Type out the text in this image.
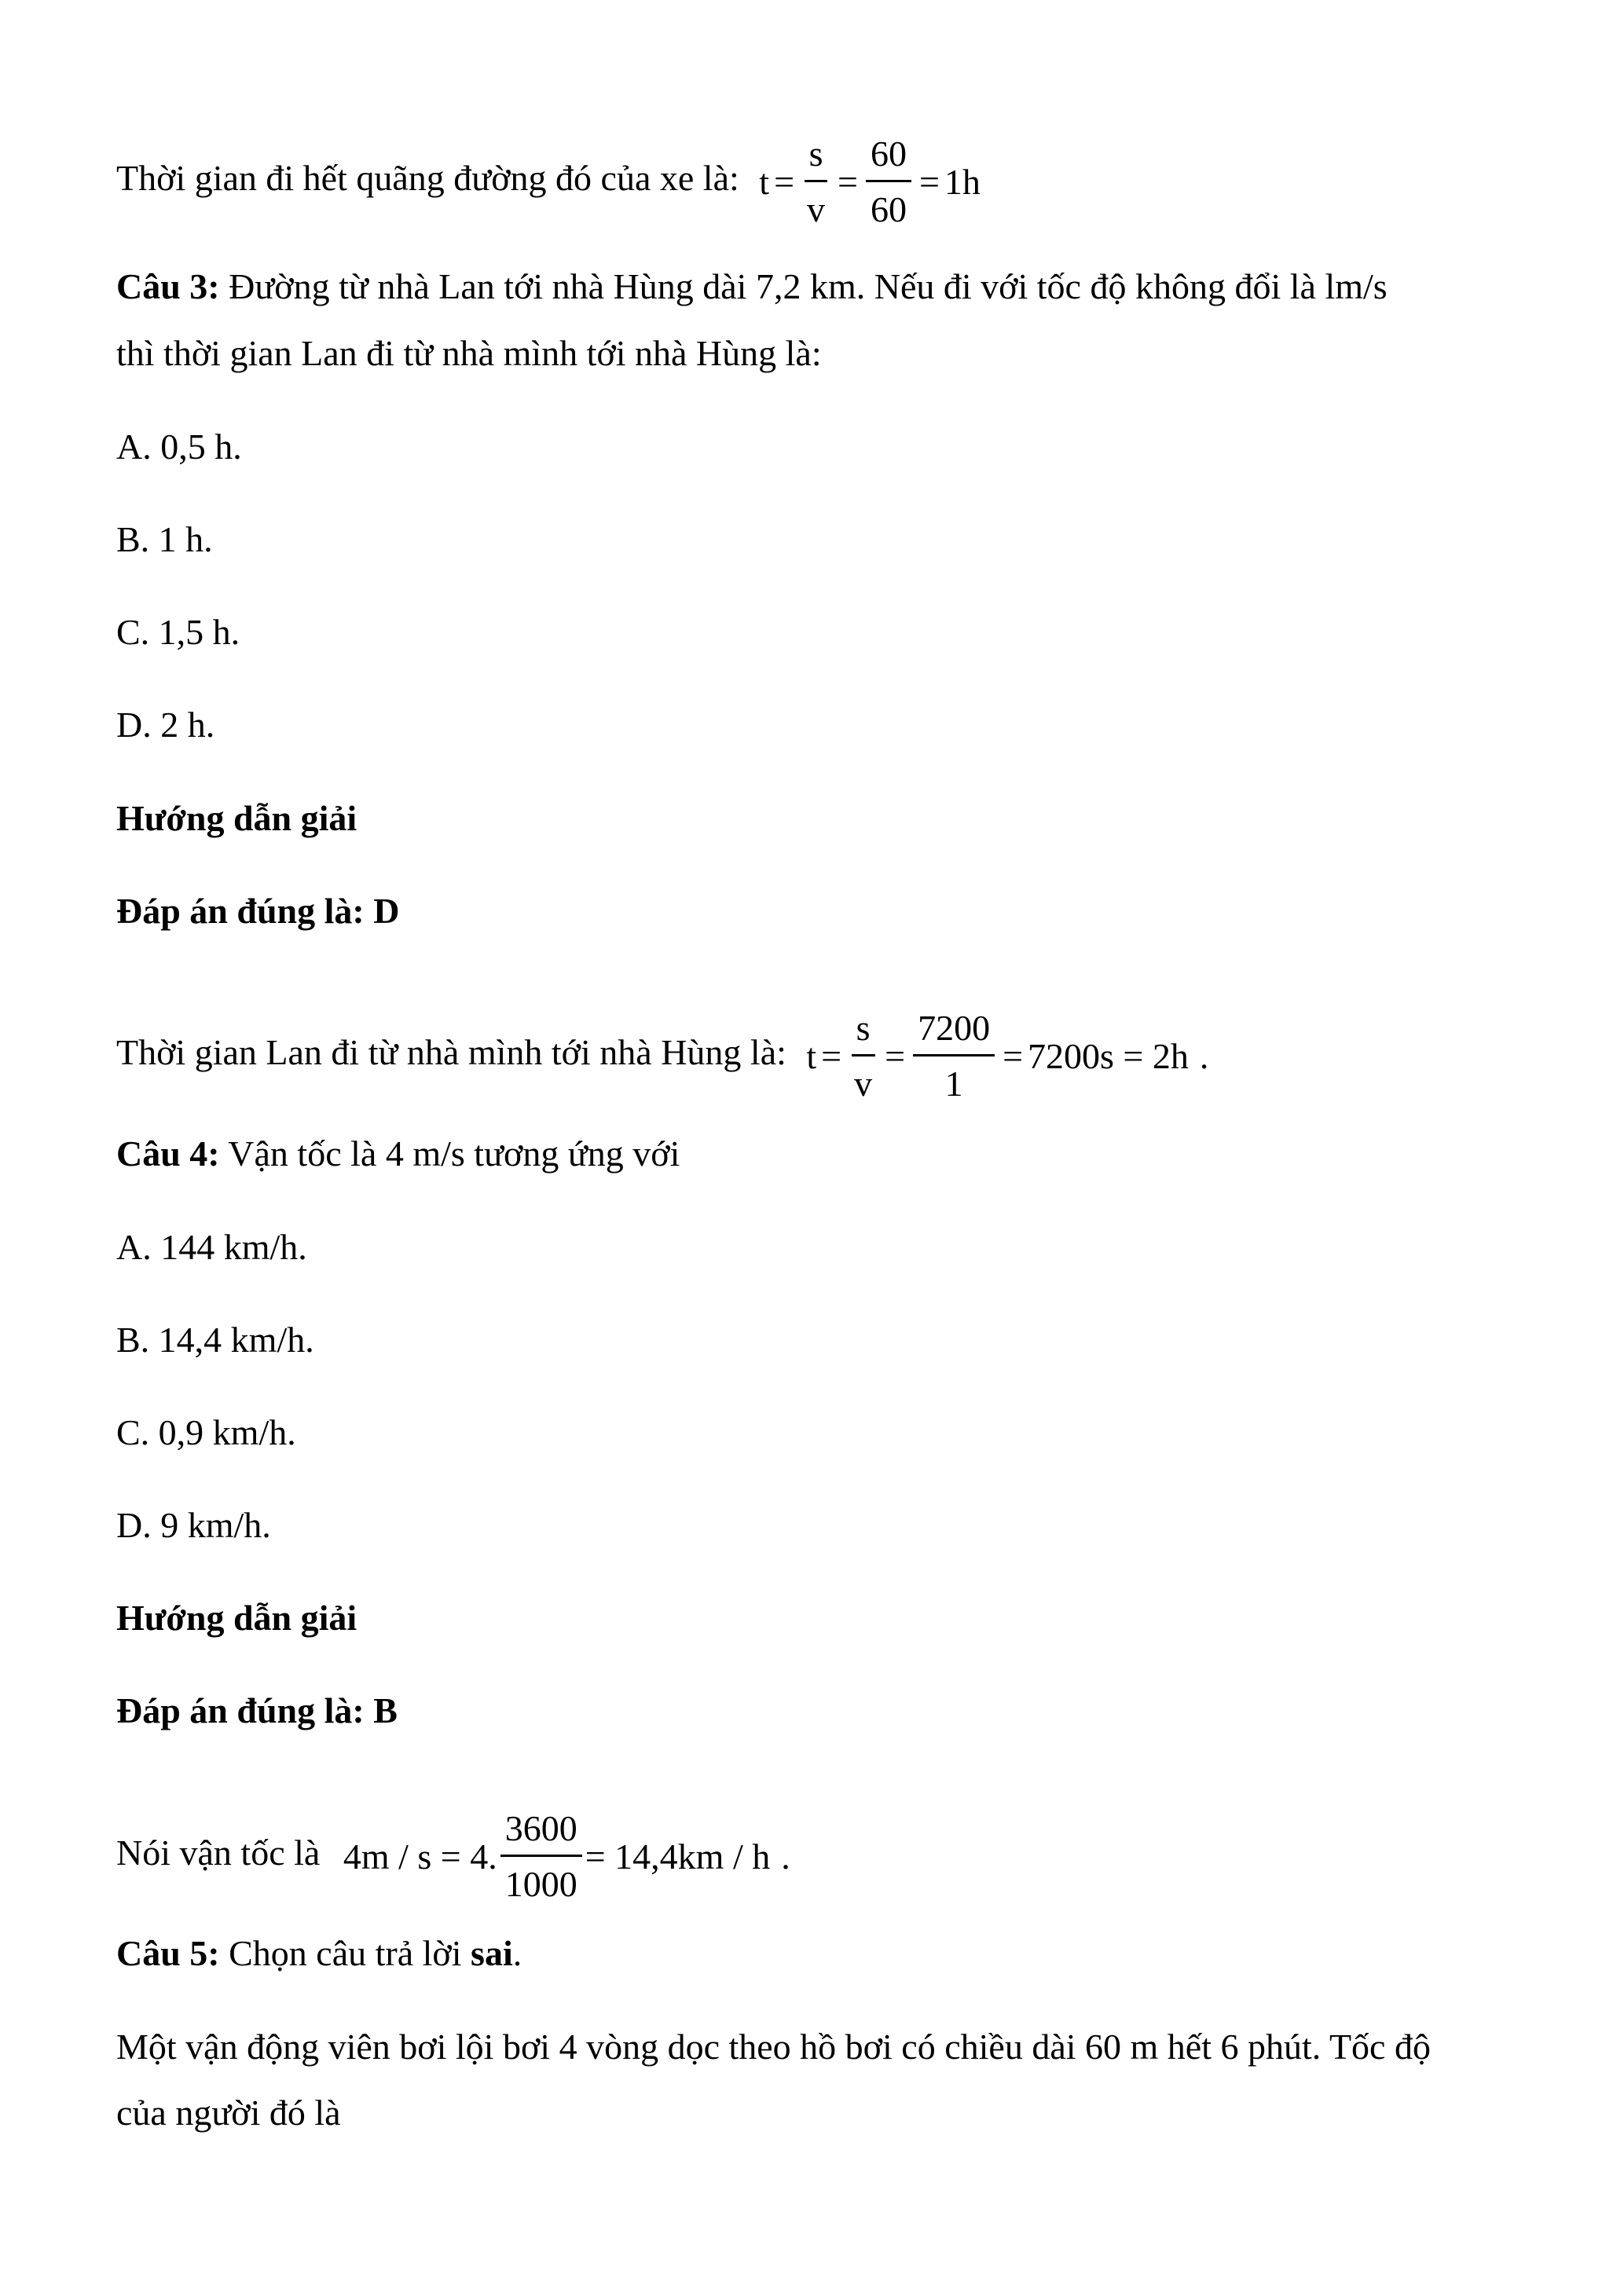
Thời gian đi hết quãng đường đó của xe là: $t = \frac{s}{v} = \frac{60}{60} = 1h$
Câu 3: Đường từ nhà Lan tới nhà Hùng dài 7,2 km. Nếu đi với tốc độ không đổi là lm/s
thì thời gian Lan đi từ nhà mình tới nhà Hùng là:
A. 0,5 h.
B. 1 h.
C. 1,5 h.
D. 2 h.
Hướng dẫn giải
Đáp án đúng là: D
Thời gian Lan đi từ nhà mình tới nhà Hùng là: $t = \frac{s}{v} = \frac{7200}{1} = 7200s = 2h$ .
Câu 4: Vận tốc là 4 m/s tương ứng với
A. 144 km/h.
B. 14,4 km/h.
C. 0,9 km/h.
D. 9 km/h.
Hướng dẫn giải
Đáp án đúng là: B
Nói vận tốc là 4m / s = 4. $\frac{3600}{1000} = 14,4km / h$ .
Câu 5: Chọn câu trả lời sai.
Một vận động viên bơi lội bơi 4 vòng dọc theo hồ bơi có chiều dài 60 m hết 6 phút. Tốc độ
của người đó là
